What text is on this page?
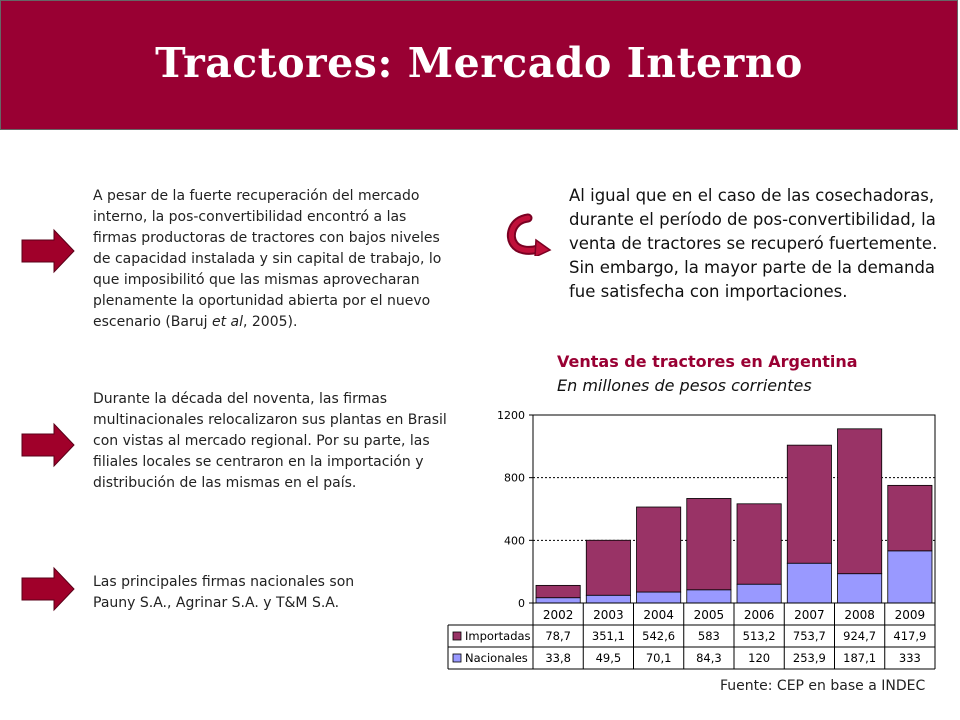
Tractores: Mercado Interno
A pesar de la fuerte recuperación del mercado interno, la pos-convertibilidad encontró a las firmas productoras de tractores con bajos niveles de capacidad instalada y sin capital de trabajo, lo que imposibilitó que las mismas aprovecharan plenamente la oportunidad abierta por el nuevo escenario (Baruj et al, 2005).
Durante la década del noventa, las firmas multinacionales relocalizaron sus plantas en Brasil con vistas al mercado regional. Por su parte, las filiales locales se centraron en la importación y distribución de las mismas en el país.
Las principales firmas nacionales son Pauny S.A., Agrinar S.A. y T&M S.A.
Al igual que en el caso de las cosechadoras, durante el período de pos-convertibilidad, la venta de tractores se recuperó fuertemente. Sin embargo, la mayor parte de la demanda fue satisfecha con importaciones.
Ventas de tractores en Argentina
En millones de pesos corrientes
0
400
800
1200
2002 2003 2004 2005 2006 2007 2008 2009
Importadas 78,7 351,1 542,6 583 513,2 753,7 924,7 417,9
Nacionales 33,8 49,5 70,1 84,3 120 253,9 187,1 333
Fuente: CEP en base a INDEC
